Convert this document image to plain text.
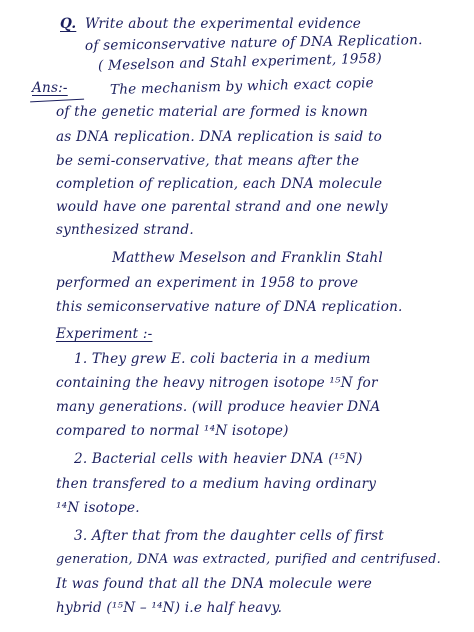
Q. Write about the experimental evidence
of semiconservative nature of DNA Replication.
( Meselson and Stahl experiment, 1958)
Ans:-	The mechanism by which exact copie
of the genetic material are formed is known
as DNA replication. DNA replication is said to
be semi-conservative, that means after the
completion of replication, each DNA molecule
would have one parental strand and one newly
synthesized strand.
Matthew Meselson and Franklin Stahl
performed an experiment in 1958 to prove
this semiconservative nature of DNA replication.
Experiment :-
1. They grew E. coli bacteria in a medium
containing the heavy nitrogen isotope ¹⁵N for
many generations. (will produce heavier DNA
compared to normal ¹⁴N isotope)
2. Bacterial cells with heavier DNA (¹⁵N)
then transfered to a medium having ordinary
¹⁴N isotope.
3. After that from the daughter cells of first
generation, DNA was extracted, purified and centrifused.
It was found that all the DNA molecule were
hybrid (¹⁵N – ¹⁴N) i.e half heavy.
